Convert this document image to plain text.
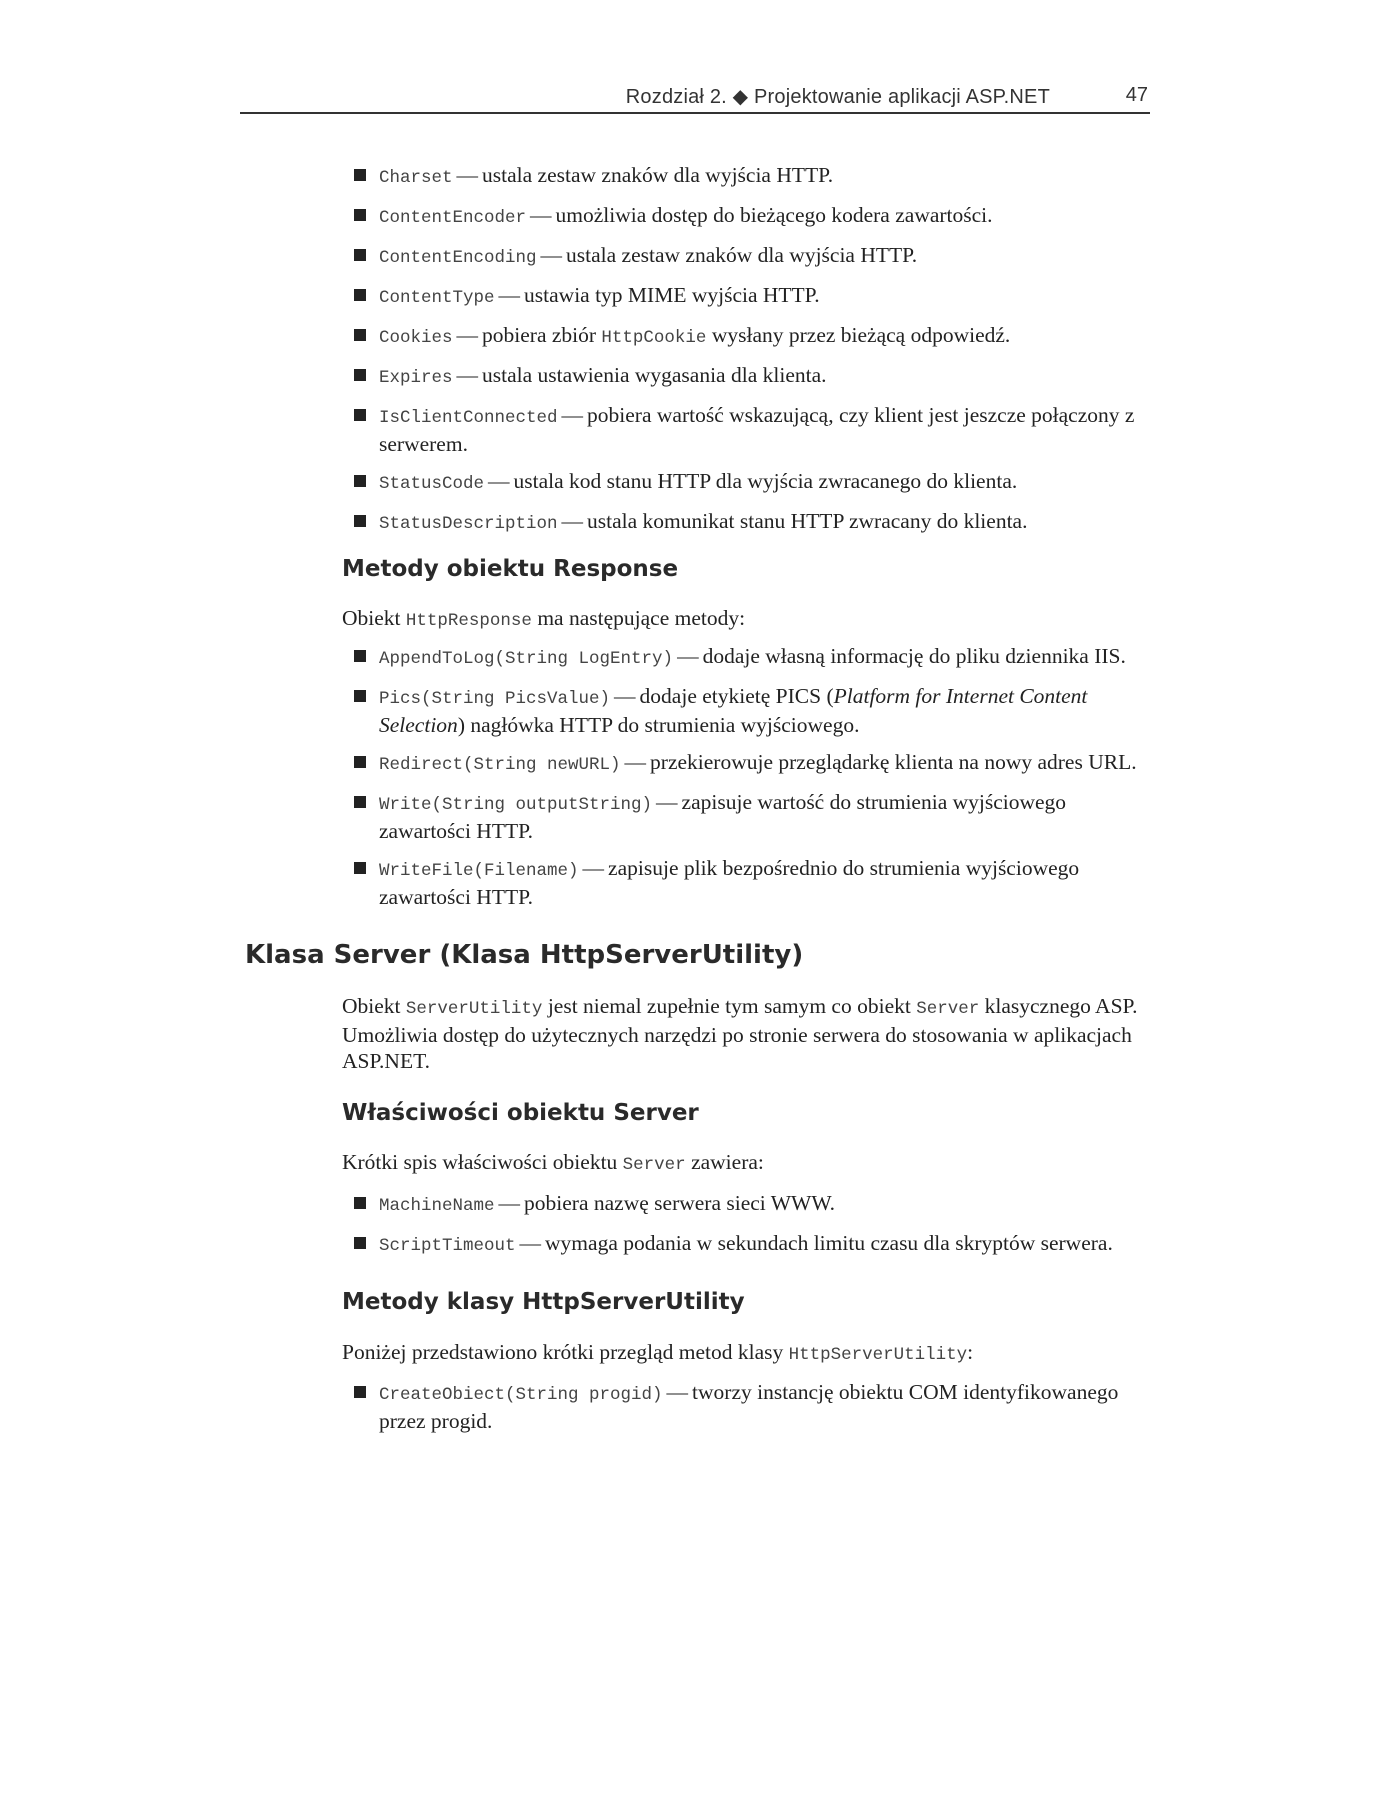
Rozdział 2. ◆ Projektowanie aplikacji ASP.NET	47
Charset — ustala zestaw znaków dla wyjścia HTTP.
ContentEncoder — umożliwia dostęp do bieżącego kodera zawartości.
ContentEncoding — ustala zestaw znaków dla wyjścia HTTP.
ContentType — ustawia typ MIME wyjścia HTTP.
Cookies — pobiera zbiór HttpCookie wysłany przez bieżącą odpowiedź.
Expires — ustala ustawienia wygasania dla klienta.
IsClientConnected — pobiera wartość wskazującą, czy klient jest jeszcze połączony z serwerem.
StatusCode — ustala kod stanu HTTP dla wyjścia zwracanego do klienta.
StatusDescription — ustala komunikat stanu HTTP zwracany do klienta.
Metody obiektu Response

Obiekt HttpResponse ma następujące metody:

AppendToLog(String LogEntry) — dodaje własną informację do pliku dziennika IIS.
Pics(String PicsValue) — dodaje etykietę PICS (Platform for Internet Content Selection) nagłówka HTTP do strumienia wyjściowego.
Redirect(String newURL) — przekierowuje przeglądarkę klienta na nowy adres URL.
Write(String outputString) — zapisuje wartość do strumienia wyjściowego zawartości HTTP.
WriteFile(Filename) — zapisuje plik bezpośrednio do strumienia wyjściowego zawartości HTTP.
Klasa Server (Klasa HttpServerUtility)

Obiekt ServerUtility jest niemal zupełnie tym samym co obiekt Server klasycznego ASP. Umożliwia dostęp do użytecznych narzędzi po stronie serwera do stosowania w aplikacjach ASP.NET.

Właściwości obiektu Server

Krótki spis właściwości obiektu Server zawiera:

MachineName — pobiera nazwę serwera sieci WWW.
ScriptTimeout — wymaga podania w sekundach limitu czasu dla skryptów serwera.
Metody klasy HttpServerUtility

Poniżej przedstawiono krótki przegląd metod klasy HttpServerUtility:

CreateObiect(String progid) — tworzy instancję obiektu COM identyfikowanego przez progid.
